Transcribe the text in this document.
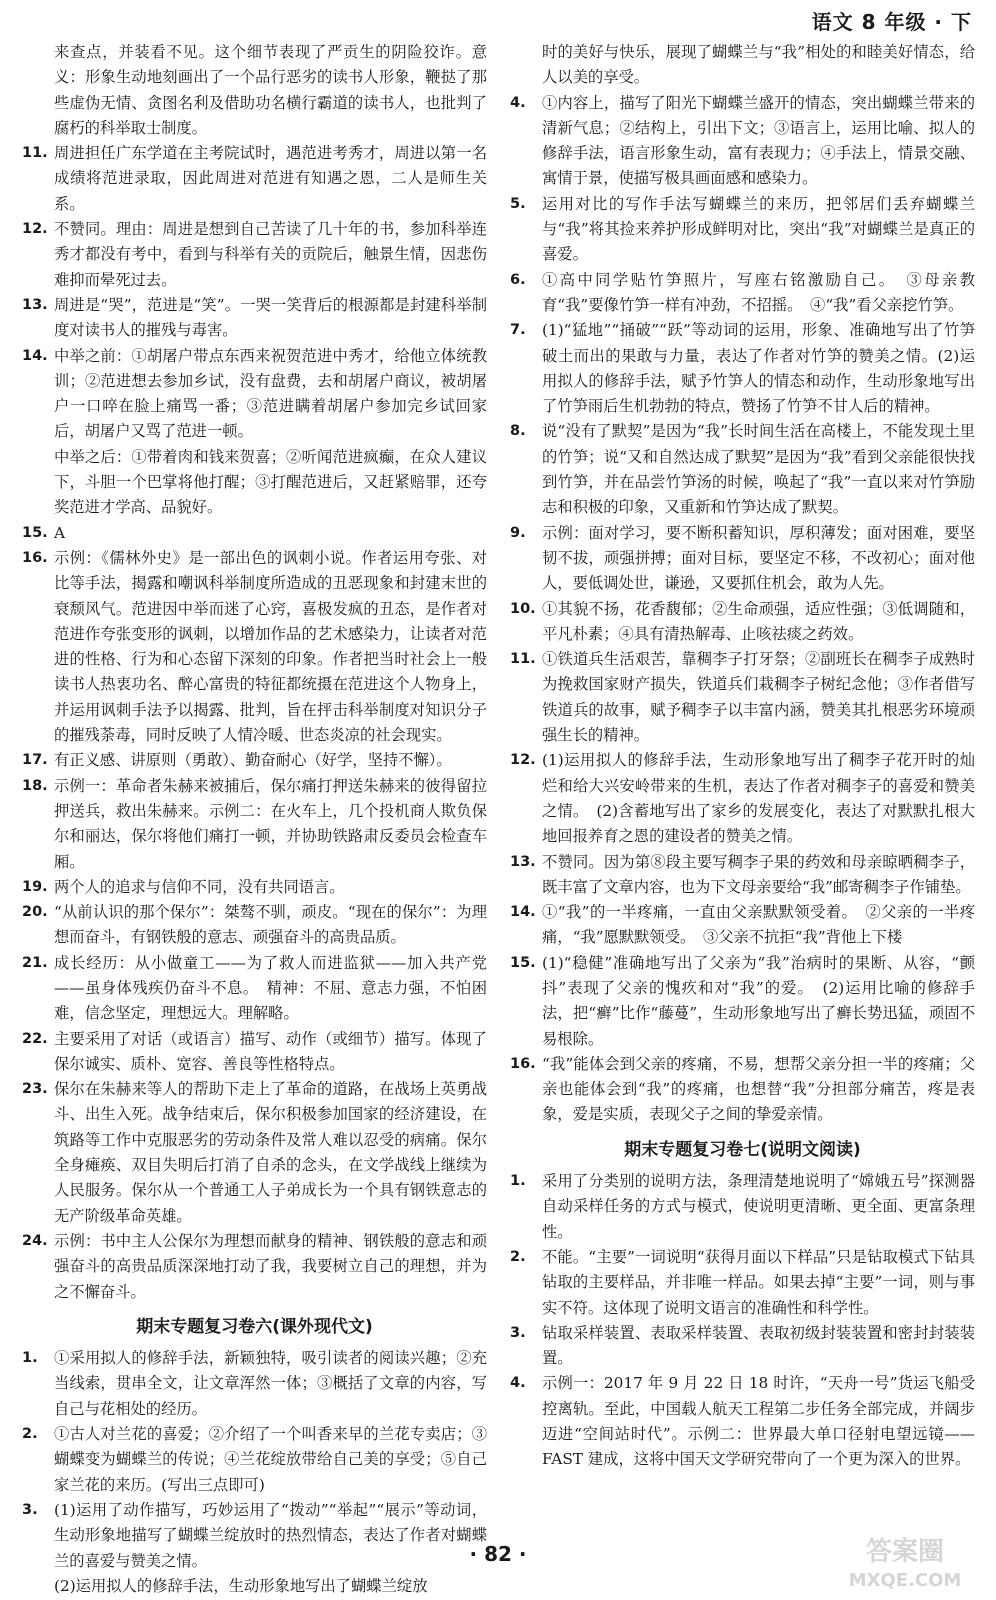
语文 8 年级 · 下
来查点，并装看不见。这个细节表现了严贡生的阴险狡诈。意义：形象生动地刻画出了一个品行恶劣的读书人形象，鞭挞了那些虚伪无情、贪图名利及借助功名横行霸道的读书人，也批判了腐朽的科举取士制度。
11. 周进担任广东学道在主考院试时，遇范进考秀才，周进以第一名成绩将范进录取，因此周进对范进有知遇之恩，二人是师生关系。
12. 不赞同。理由：周进是想到自己苦读了几十年的书，参加科举连秀才都没有考中，看到与科举有关的贡院后，触景生情，因悲伤难抑而晕死过去。
13. 周进是“哭”，范进是“笑”。一哭一笑背后的根源都是封建科举制度对读书人的摧残与毒害。
14. 中举之前：①胡屠户带点东西来祝贺范进中秀才，给他立体统教训；②范进想去参加乡试，没有盘费，去和胡屠户商议，被胡屠户一口啐在脸上痛骂一番；③范进瞒着胡屠户参加完乡试回家后，胡屠户又骂了范进一顿。
中举之后：①带着肉和钱来贺喜；②听闻范进疯癫，在众人建议下，斗胆一个巴掌将他打醒；③打醒范进后，又赶紧赔罪，还夸奖范进才学高、品貌好。
15. A
16. 示例：《儒林外史》是一部出色的讽刺小说。作者运用夸张、对比等手法，揭露和嘲讽科举制度所造成的丑恶现象和封建末世的衰颓风气。范进因中举而迷了心窍，喜极发疯的丑态，是作者对范进作夸张变形的讽刺，以增加作品的艺术感染力，让读者对范进的性格、行为和心态留下深刻的印象。作者把当时社会上一般读书人热衷功名、醉心富贵的特征都统摄在范进这个人物身上，并运用讽刺手法予以揭露、批判，旨在抨击科举制度对知识分子的摧残荼毒，同时反映了人情冷暖、世态炎凉的社会现实。
17. 有正义感、讲原则（勇敢）、勤奋耐心（好学，坚持不懈）。
18. 示例一：革命者朱赫来被捕后，保尔痛打押送朱赫来的彼得留拉押送兵，救出朱赫来。示例二：在火车上，几个投机商人欺负保尔和丽达，保尔将他们痛打一顿，并协助铁路肃反委员会检查车厢。
19. 两个人的追求与信仰不同，没有共同语言。
20. “从前认识的那个保尔”：桀骜不驯，顽皮。“现在的保尔”：为理想而奋斗，有钢铁般的意志、顽强奋斗的高贵品质。
21. 成长经历：从小做童工——为了救人而进监狱——加入共产党——虽身体残疾仍奋斗不息。　精神：不屈、意志力强，不怕困难，信念坚定，理想远大。理解略。
22. 主要采用了对话（或语言）描写、动作（或细节）描写。体现了保尔诚实、质朴、宽容、善良等性格特点。
23. 保尔在朱赫来等人的帮助下走上了革命的道路，在战场上英勇战斗、出生入死。战争结束后，保尔积极参加国家的经济建设，在筑路等工作中克服恶劣的劳动条件及常人难以忍受的病痛。保尔全身瘫痪、双目失明后打消了自杀的念头，在文学战线上继续为人民服务。保尔从一个普通工人子弟成长为一个具有钢铁意志的无产阶级革命英雄。
24. 示例：书中主人公保尔为理想而献身的精神、钢铁般的意志和顽强奋斗的高贵品质深深地打动了我，我要树立自己的理想，并为之不懈奋斗。
期末专题复习卷六(课外现代文)
1.	①采用拟人的修辞手法，新颖独特，吸引读者的阅读兴趣；②充当线索，贯串全文，让文章浑然一体；③概括了文章的内容，写自己与花相处的经历。
2.	①古人对兰花的喜爱；②介绍了一个叫香来早的兰花专卖店；③蝴蝶变为蝴蝶兰的传说；④兰花绽放带给自己美的享受；⑤自己家兰花的来历。(写出三点即可)
3.	(1)运用了动作描写，巧妙运用了“拨动”“举起”“展示”等动词，生动形象地描写了蝴蝶兰绽放时的热烈情态，表达了作者对蝴蝶兰的喜爱与赞美之情。
(2)运用拟人的修辞手法，生动形象地写出了蝴蝶兰绽放
时的美好与快乐，展现了蝴蝶兰与“我”相处的和睦美好情态，给人以美的享受。
4.	①内容上，描写了阳光下蝴蝶兰盛开的情态，突出蝴蝶兰带来的清新气息；②结构上，引出下文；③语言上，运用比喻、拟人的修辞手法，语言形象生动，富有表现力；④手法上，情景交融、寓情于景，使描写极具画面感和感染力。
5.	运用对比的写作手法写蝴蝶兰的来历，把邻居们丢弃蝴蝶兰与“我”将其捡来养护形成鲜明对比，突出“我”对蝴蝶兰是真正的喜爱。
6.	①高中同学贴竹笋照片，写座右铭激励自己。　③母亲教育“我”要像竹笋一样有冲劲，不招摇。　④“我”看父亲挖竹笋。
7.	(1)“猛地”“捅破”“跃”等动词的运用，形象、准确地写出了竹笋破土而出的果敢与力量，表达了作者对竹笋的赞美之情。(2)运用拟人的修辞手法，赋予竹笋人的情态和动作，生动形象地写出了竹笋雨后生机勃勃的特点，赞扬了竹笋不甘人后的精神。
8.	说“没有了默契”是因为“我”长时间生活在高楼上，不能发现土里的竹笋；说“又和自然达成了默契”是因为“我”看到父亲能很快找到竹笋，并在品尝竹笋汤的时候，唤起了“我”一直以来对竹笋励志和积极的印象，又重新和竹笋达成了默契。
9.	示例：面对学习，要不断积蓄知识，厚积薄发；面对困难，要坚韧不拔，顽强拼搏；面对目标，要坚定不移，不改初心；面对他人，要低调处世，谦逊，又要抓住机会，敢为人先。
10. ①其貌不扬，花香馥郁；②生命顽强，适应性强；③低调随和，平凡朴素；④具有清热解毒、止咳祛痰之药效。
11. ①铁道兵生活艰苦，靠稠李子打牙祭；②副班长在稠李子成熟时为挽救国家财产损失，铁道兵们栽稠李子树纪念他；③作者借写铁道兵的故事，赋予稠李子以丰富内涵，赞美其扎根恶劣环境顽强生长的精神。
12. (1)运用拟人的修辞手法，生动形象地写出了稠李子花开时的灿烂和给大兴安岭带来的生机，表达了作者对稠李子的喜爱和赞美之情。　(2)含蓄地写出了家乡的发展变化，表达了对默默扎根大地回报养育之恩的建设者的赞美之情。
13. 不赞同。因为第⑧段主要写稠李子果的药效和母亲晾晒稠李子，既丰富了文章内容，也为下文母亲要给“我”邮寄稠李子作铺垫。
14. ①“我”的一半疼痛，一直由父亲默默领受着。　②父亲的一半疼痛，“我”愿默默领受。　③父亲不抗拒“我”背他上下楼
15. (1)“稳健”准确地写出了父亲为“我”治病时的果断、从容，“颤抖”表现了父亲的愧疚和对“我”的爱。　(2)运用比喻的修辞手法，把“癣”比作“藤蔓”，生动形象地写出了癣长势迅猛，顽固不易根除。
16. “我”能体会到父亲的疼痛，不易，想帮父亲分担一半的疼痛；父亲也能体会到“我”的疼痛，也想替“我”分担部分痛苦，疼是表象，爱是实质，表现父子之间的挚爱亲情。
期末专题复习卷七(说明文阅读)
1.	采用了分类别的说明方法，条理清楚地说明了“嫦娥五号”探测器自动采样任务的方式与模式，使说明更清晰、更全面、更富条理性。
2.	不能。“主要”一词说明“获得月面以下样品”只是钻取模式下钻具钻取的主要样品，并非唯一样品。如果去掉“主要”一词，则与事实不符。这体现了说明文语言的准确性和科学性。
3.	钻取采样装置、表取采样装置、表取初级封装装置和密封封装装置。
4.	示例一：2017 年 9 月 22 日 18 时许，“天舟一号”货运飞船受控离轨。至此，中国载人航天工程第二步任务全部完成，并阔步迈进“空间站时代”。示例二：世界最大单口径射电望远镜——FAST 建成，这将中国天文学研究带向了一个更为深入的世界。
· 82 ·	答案圈
MXQE.COM
